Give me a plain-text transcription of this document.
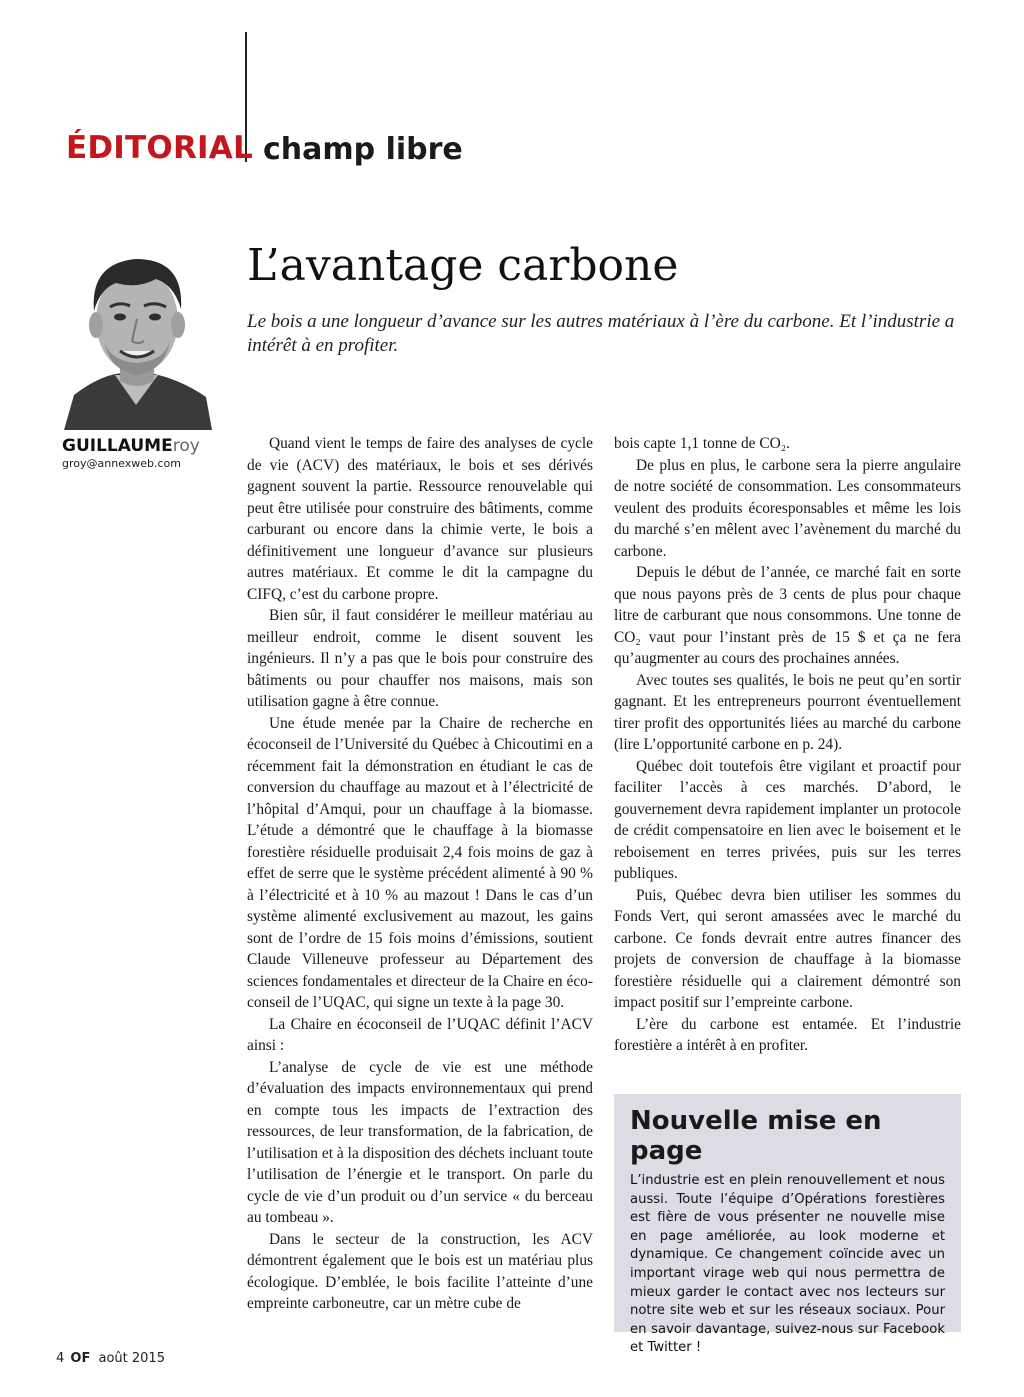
ÉDITORIAL champ libre
GUILLAUMEroy
groy@annexweb.com
L’avantage carbone

Le bois a une longueur d’avance sur les autres matériaux à l’ère du carbone. Et l’industrie a intérêt à en profiter.

Quand vient le temps de faire des analyses de cycle de vie (ACV) des matériaux, le bois et ses dérivés gagnent souvent la partie. Ressource renouvelable qui peut être utilisée pour construire des bâtiments, comme carburant ou encore dans la chimie verte, le bois a définitivement une longueur d’avance sur plusieurs autres matériaux. Et comme le dit la campagne du CIFQ, c’est du carbone propre.

Bien sûr, il faut considérer le meilleur matériau au meilleur endroit, comme le disent souvent les ingénieurs. Il n’y a pas que le bois pour construire des bâtiments ou pour chauffer nos maisons, mais son utilisation gagne à être connue.

Une étude menée par la Chaire de recherche en écoconseil de l’Université du Québec à Chicoutimi en a récemment fait la démonstration en étudiant le cas de conversion du chauffage au mazout et à l’électricité de l’hôpital d’Amqui, pour un chauffage à la biomasse. L’étude a démontré que le chauffage à la biomasse forestière résiduelle produisait 2,4 fois moins de gaz à effet de serre que le système précédent alimenté à 90 % à l’électricité et à 10 % au mazout ! Dans le cas d’un système alimenté exclusivement au mazout, les gains sont de l’ordre de 15 fois moins d’émissions, soutient Claude Villeneuve professeur au Département des sciences fondamentales et directeur de la Chaire en éco-conseil de l’UQAC, qui signe un texte à la page 30.

La Chaire en écoconseil de l’UQAC définit l’ACV ainsi :

L’analyse de cycle de vie est une méthode d’évaluation des impacts environnementaux qui prend en compte tous les impacts de l’extraction des ressources, de leur transformation, de la fabrication, de l’utilisation et à la disposition des déchets incluant toute l’utilisation de l’énergie et le transport. On parle du cycle de vie d’un produit ou d’un service « du berceau au tombeau ».

Dans le secteur de la construction, les ACV démontrent également que le bois est un matériau plus écologique. D’emblée, le bois facilite l’atteinte d’une empreinte carboneutre, car un mètre cube de

bois capte 1,1 tonne de CO₂.

De plus en plus, le carbone sera la pierre angulaire de notre société de consommation. Les consommateurs veulent des produits écoresponsables et même les lois du marché s’en mêlent avec l’avènement du marché du carbone.

Depuis le début de l’année, ce marché fait en sorte que nous payons près de 3 cents de plus pour chaque litre de carburant que nous consommons. Une tonne de CO₂ vaut pour l’instant près de 15 $ et ça ne fera qu’augmenter au cours des prochaines années.

Avec toutes ses qualités, le bois ne peut qu’en sortir gagnant. Et les entrepreneurs pourront éventuellement tirer profit des opportunités liées au marché du carbone (lire L’opportunité carbone en p. 24).

Québec doit toutefois être vigilant et proactif pour faciliter l’accès à ces marchés. D’abord, le gouvernement devra rapidement implanter un protocole de crédit compensatoire en lien avec le boisement et le reboisement en terres privées, puis sur les terres publiques.

Puis, Québec devra bien utiliser les sommes du Fonds Vert, qui seront amassées avec le marché du carbone. Ce fonds devrait entre autres financer des projets de conversion de chauffage à la biomasse forestière résiduelle qui a clairement démontré son impact positif sur l’empreinte carbone.

L’ère du carbone est entamée. Et l’industrie forestière a intérêt à en profiter.

Nouvelle mise en page

L’industrie est en plein renouvellement et nous aussi. Toute l’équipe d’Opérations forestières est fière de vous présenter ne nouvelle mise en page améliorée, au look moderne et dynamique. Ce changement coïncide avec un important virage web qui nous permettra de mieux garder le contact avec nos lecteurs sur notre site web et sur les réseaux sociaux. Pour en savoir davantage, suivez-nous sur Facebook et Twitter !

4 OF août 2015
